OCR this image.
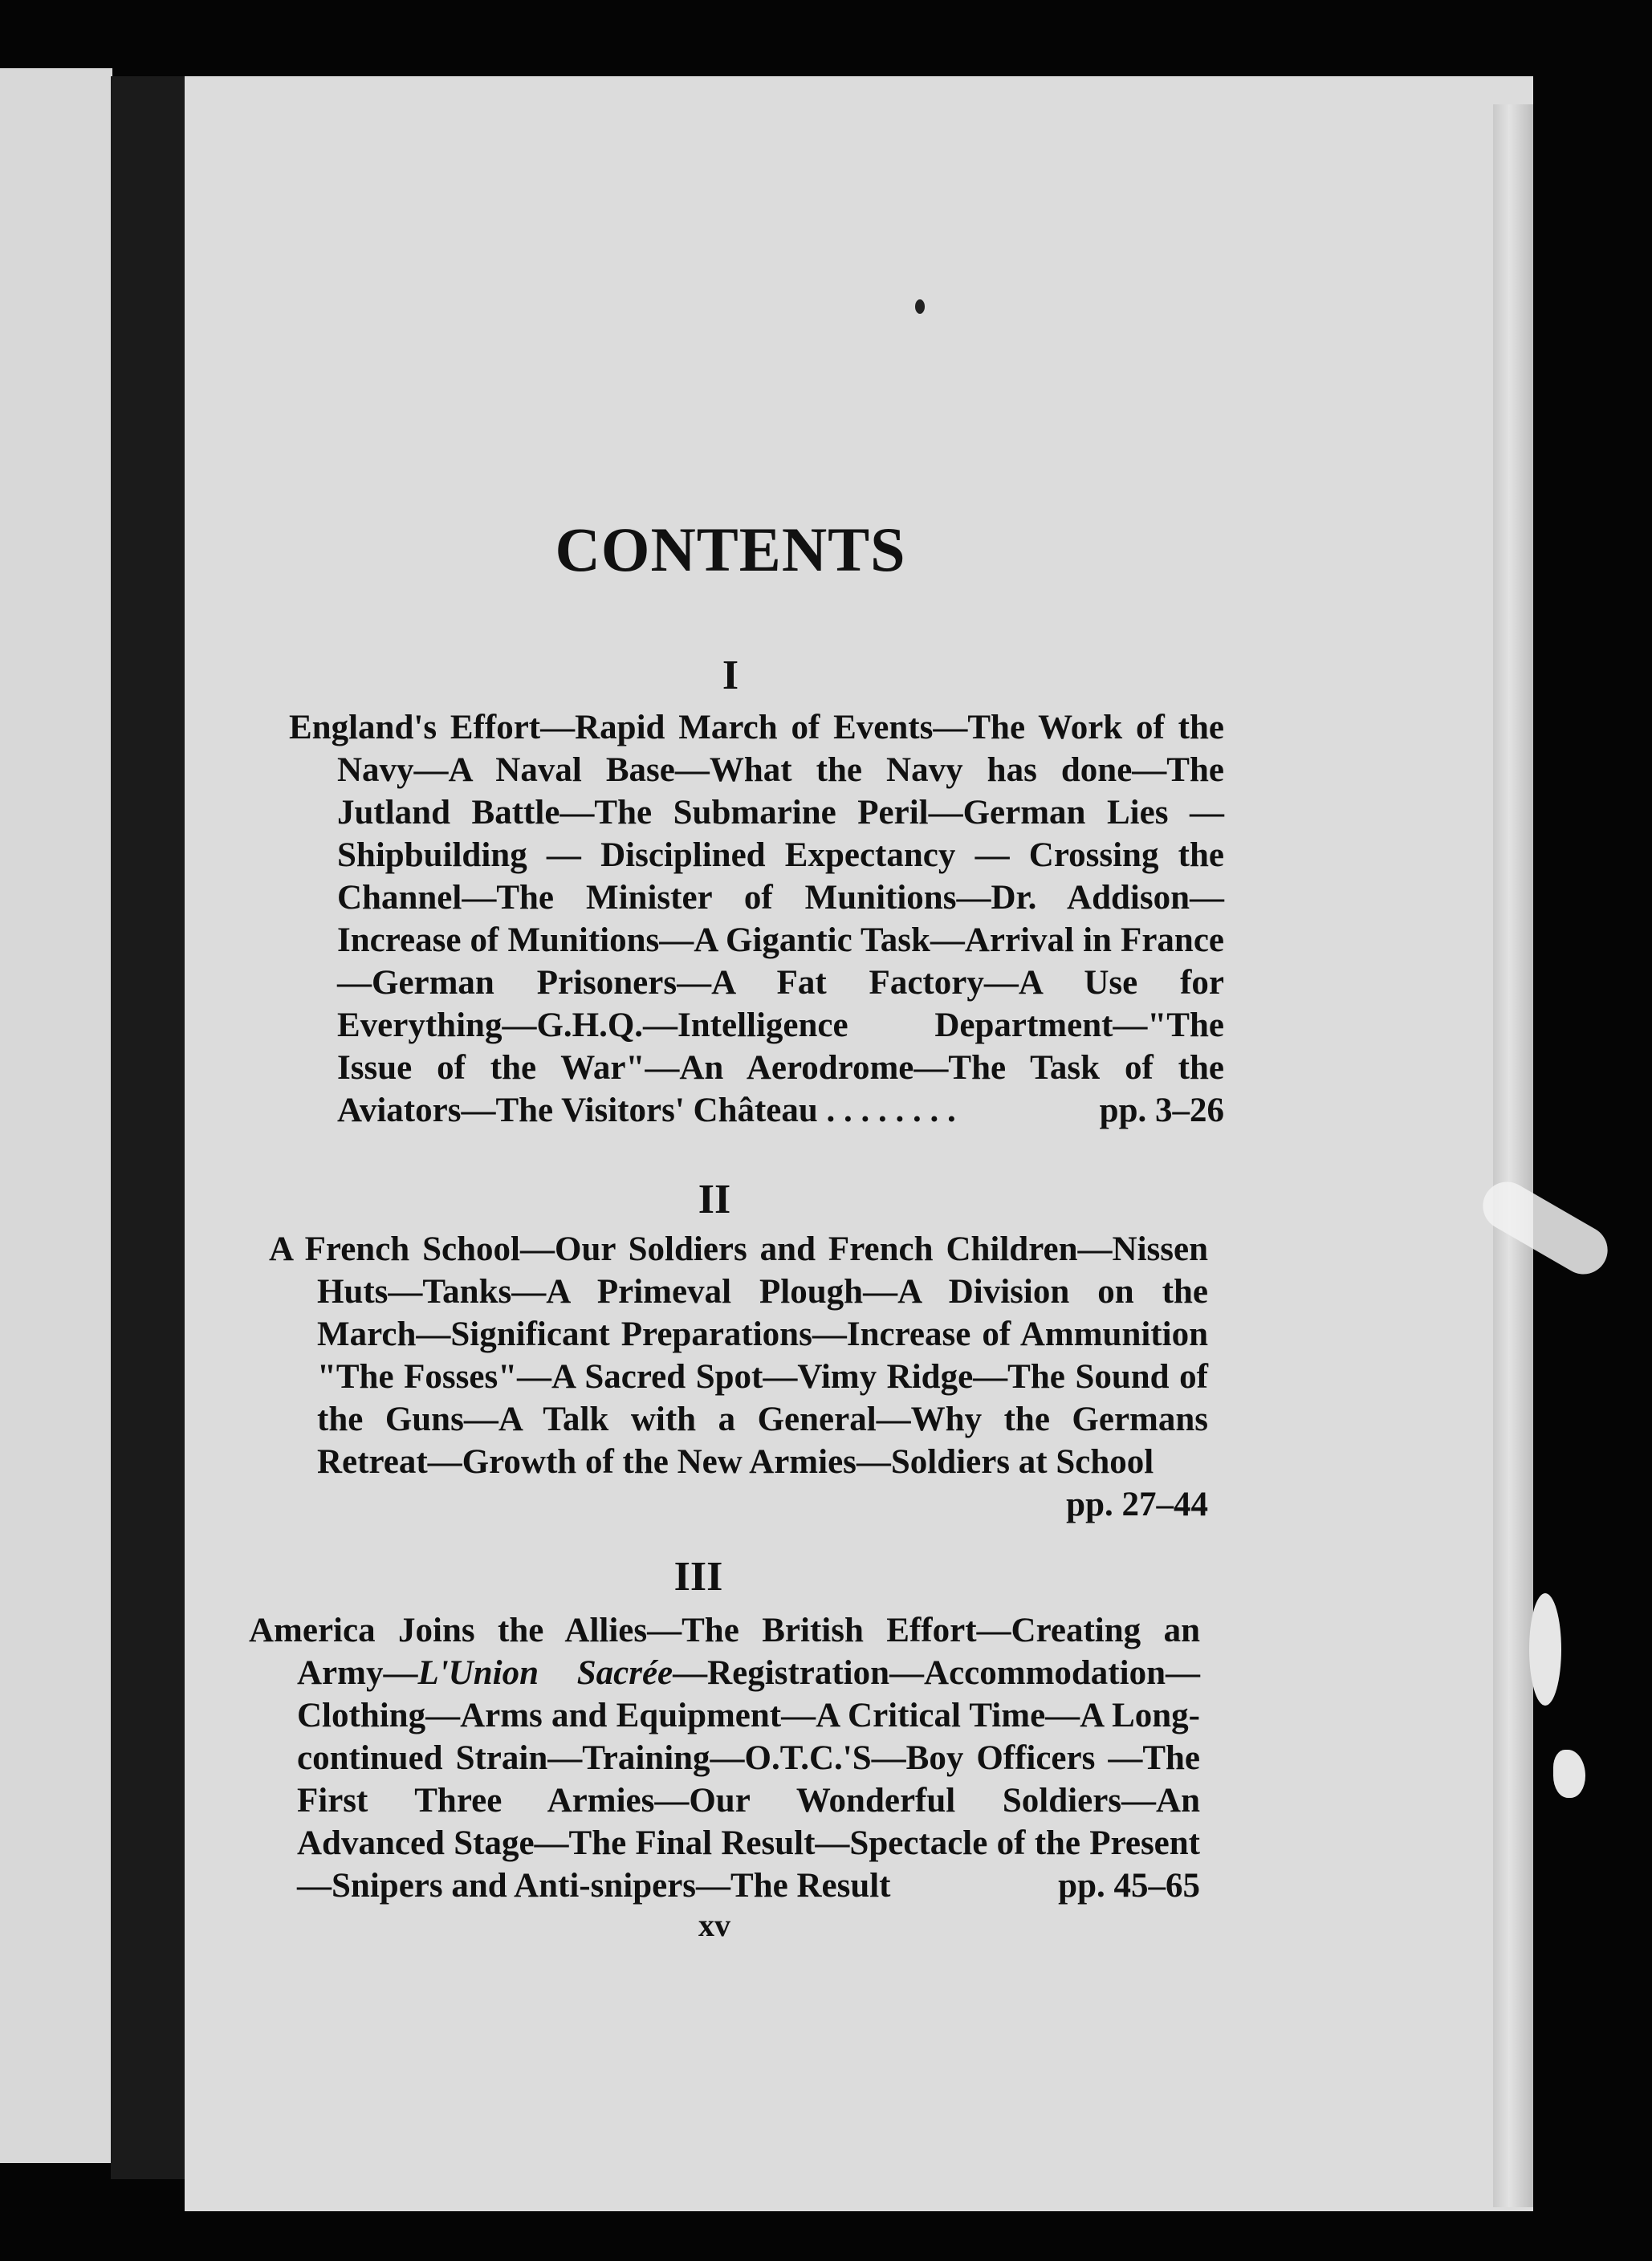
CONTENTS
I
England's Effort—Rapid March of Events—The Work of the Navy—A Naval Base—What the Navy has done—The Jutland Battle—The Submarine Peril—German Lies —Shipbuilding — Disciplined Expectancy — Crossing the Channel—The Minister of Munitions—Dr. Addison—Increase of Munitions—A Gigantic Task—Arrival in France —German Prisoners—A Fat Factory—A Use for Everything—G.H.Q.—Intelligence Department—"The Issue of the War"—An Aerodrome—The Task of the Aviators—The Visitors' Château . . . . . . . .	pp. 3–26
II
A French School—Our Soldiers and French Children—Nissen Huts—Tanks—A Primeval Plough—A Division on the March—Significant Preparations—Increase of Ammunition "The Fosses"—A Sacred Spot—Vimy Ridge—The Sound of the Guns—A Talk with a General—Why the Germans Retreat—Growth of the New Armies—Soldiers at School
pp. 27–44
III
America Joins the Allies—The British Effort—Creating an Army—L'Union Sacrée—Registration—Accommodation—Clothing—Arms and Equipment—A Critical Time—A Long-continued Strain—Training—O.T.C.'S—Boy Officers —The First Three Armies—Our Wonderful Soldiers—An Advanced Stage—The Final Result—Spectacle of the Present—Snipers and Anti-snipers—The Result	pp. 45–65
xv
